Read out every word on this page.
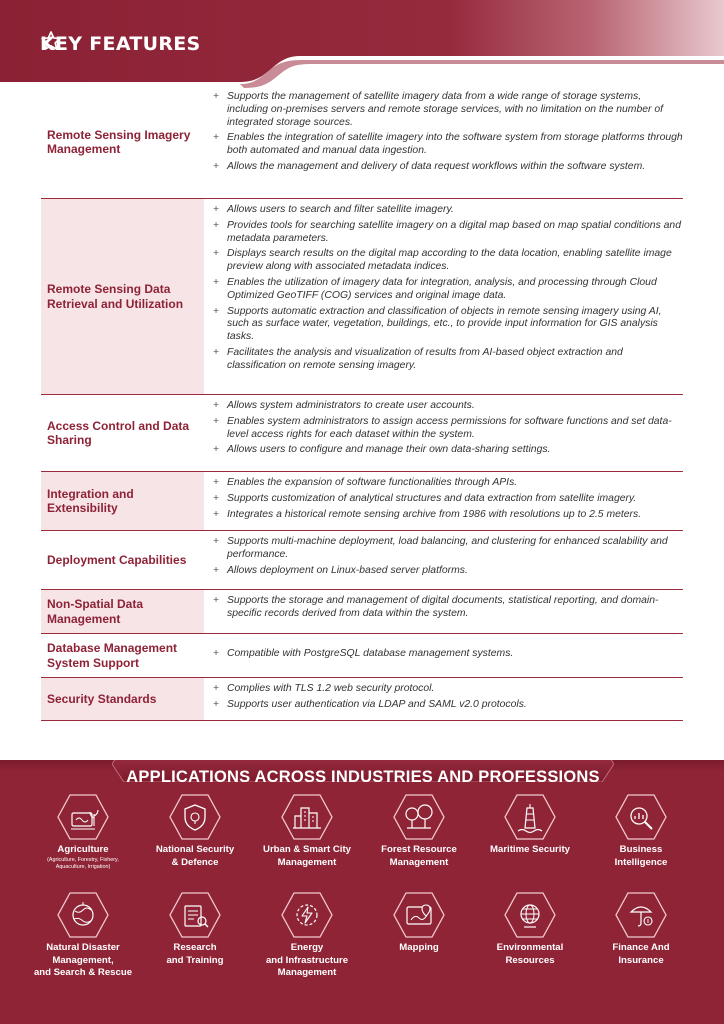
KEY FEATURES
Remote Sensing Imagery Management
+ Supports the management of satellite imagery data from a wide range of storage systems, including on-premises servers and remote storage services, with no limitation on the number of integrated storage sources.
+ Enables the integration of satellite imagery into the software system from storage platforms through both automated and manual data ingestion.
+ Allows the management and delivery of data request workflows within the software system.
Remote Sensing Data Retrieval and Utilization
+ Allows users to search and filter satellite imagery.
+ Provides tools for searching satellite imagery on a digital map based on map spatial conditions and metadata parameters.
+ Displays search results on the digital map according to the data location, enabling satellite image preview along with associated metadata indices.
+ Enables the utilization of imagery data for integration, analysis, and processing through Cloud Optimized GeoTIFF (COG) services and original image data.
+ Supports automatic extraction and classification of objects in remote sensing imagery using AI, such as surface water, vegetation, buildings, etc., to provide input information for GIS analysis tasks.
+ Facilitates the analysis and visualization of results from AI-based object extraction and classification on remote sensing imagery.
Access Control and Data Sharing
+ Allows system administrators to create user accounts.
+ Enables system administrators to assign access permissions for software functions and set data-level access rights for each dataset within the system.
+ Allows users to configure and manage their own data-sharing settings.
Integration and Extensibility
+ Enables the expansion of software functionalities through APIs.
+ Supports customization of analytical structures and data extraction from satellite imagery.
+ Integrates a historical remote sensing archive from 1986 with resolutions up to 2.5 meters.
Deployment Capabilities
+ Supports multi-machine deployment, load balancing, and clustering for enhanced scalability and performance.
+ Allows deployment on Linux-based server platforms.
Non-Spatial Data Management
+ Supports the storage and management of digital documents, statistical reporting, and domain-specific records derived from data within the system.
Database Management System Support
+ Compatible with PostgreSQL database management systems.
Security Standards
+ Complies with TLS 1.2 web security protocol.
+ Supports user authentication via LDAP and SAML v2.0 protocols.
APPLICATIONS ACROSS INDUSTRIES AND PROFESSIONS
Agriculture
(Agriculture, Forestry, Fishery,
Aquaculture, Irrigation)
National Security
& Defence
Urban & Smart City
Management
Forest Resource
Management
Maritime Security	Business
Intelligence
Natural Disaster
Management,
and Search & Rescue
Research
and Training
Energy
and Infrastructure
Management
Mapping	Environmental
Resources
Finance And
Insurance
